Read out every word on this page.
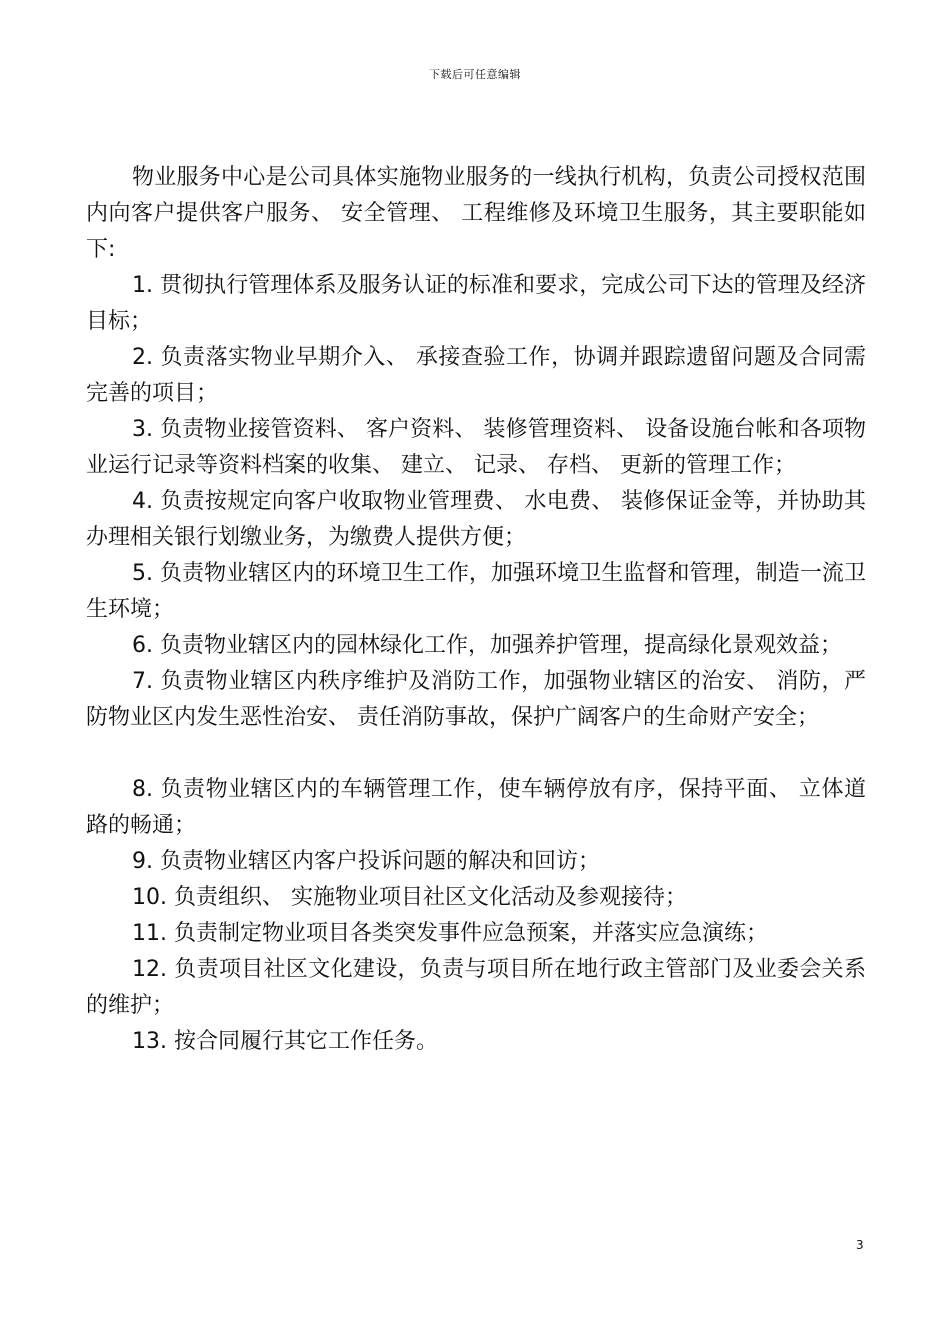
下载后可任意编辑

物业服务中心是公司具体实施物业服务的一线执行机构，负责公司授权范围内向客户提供客户服务、 安全管理、 工程维修及环境卫生服务，其主要职能如下:

1. 贯彻执行管理体系及服务认证的标准和要求，完成公司下达的管理及经济目标；

2. 负责落实物业早期介入、 承接查验工作，协调并跟踪遗留问题及合同需完善的项目；

3. 负责物业接管资料、 客户资料、 装修管理资料、 设备设施台帐和各项物业运行记录等资料档案的收集、 建立、 记录、 存档、 更新的管理工作；

4. 负责按规定向客户收取物业管理费、 水电费、 装修保证金等，并协助其办理相关银行划缴业务，为缴费人提供方便；

5. 负责物业辖区内的环境卫生工作，加强环境卫生监督和管理，制造一流卫生环境；

6. 负责物业辖区内的园林绿化工作，加强养护管理，提高绿化景观效益；

7. 负责物业辖区内秩序维护及消防工作，加强物业辖区的治安、 消防，严防物业区内发生恶性治安、 责任消防事故，保护广阔客户的生命财产安全；

8. 负责物业辖区内的车辆管理工作，使车辆停放有序，保持平面、 立体道路的畅通；

9. 负责物业辖区内客户投诉问题的解决和回访；

10. 负责组织、 实施物业项目社区文化活动及参观接待；

11. 负责制定物业项目各类突发事件应急预案，并落实应急演练；

12. 负责项目社区文化建设，负责与项目所在地行政主管部门及业委会关系的维护；

13. 按合同履行其它工作任务。

3
